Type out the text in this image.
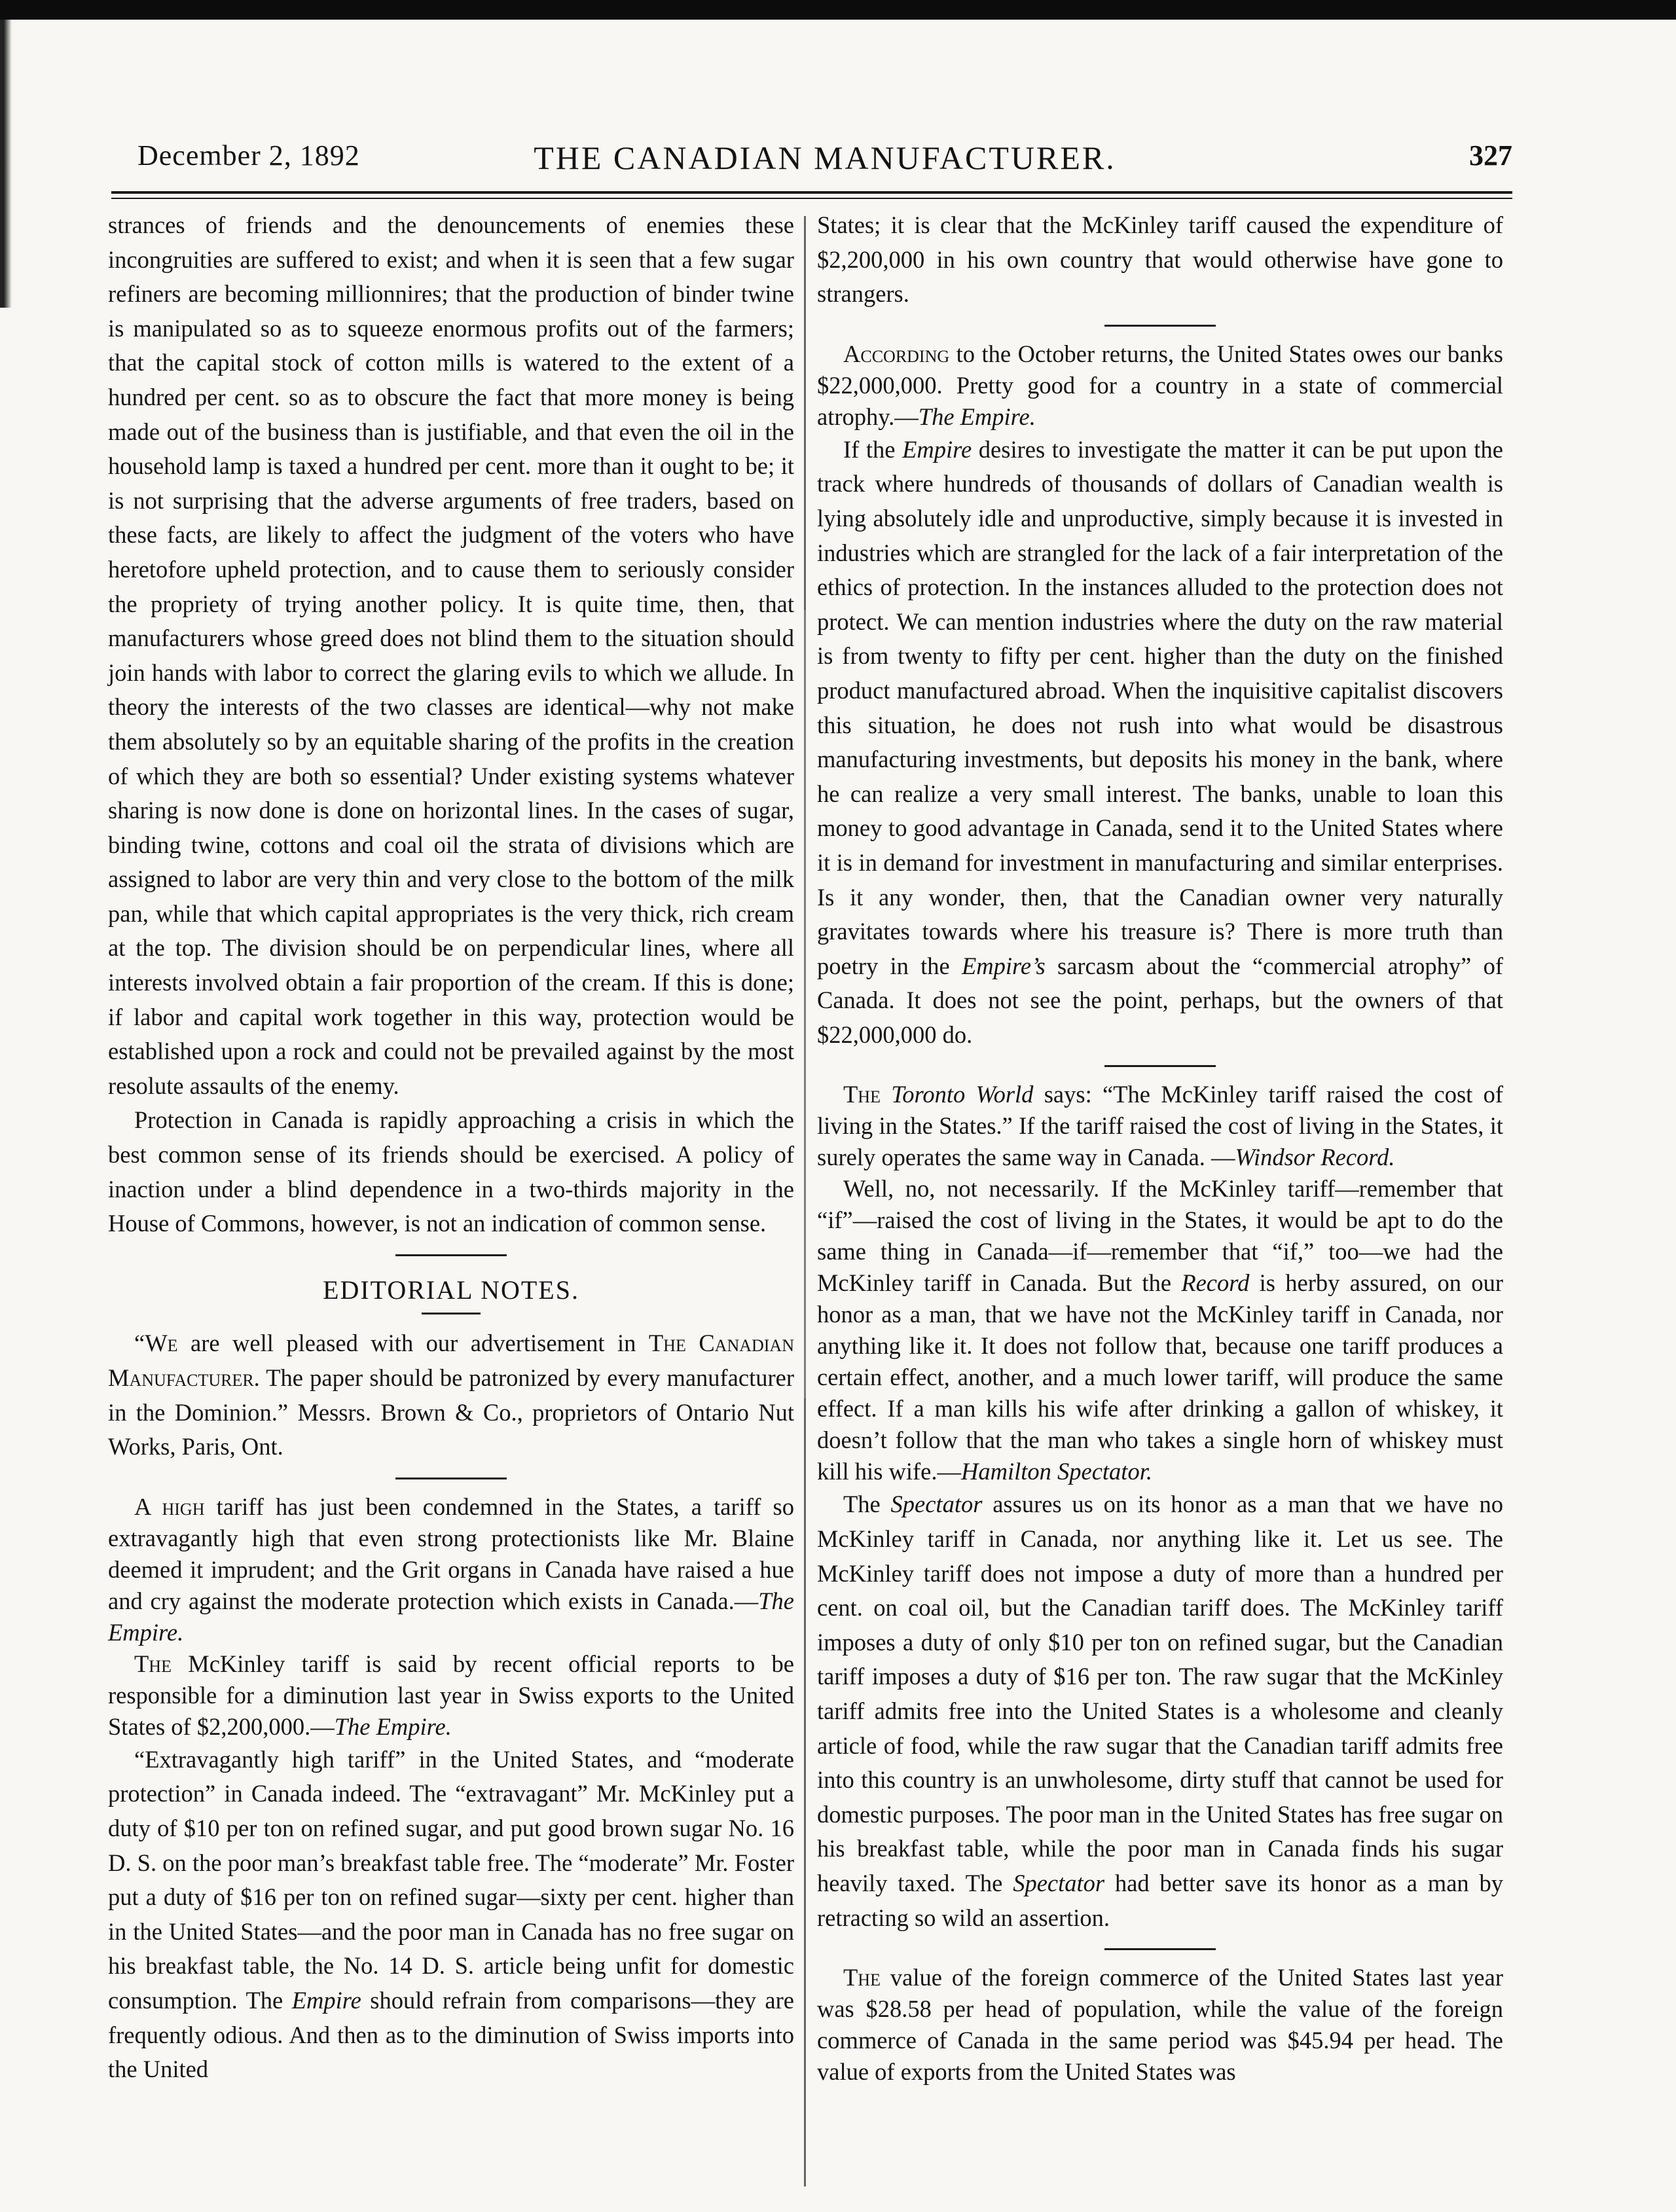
December 2, 1892	THE CANADIAN MANUFACTURER.	327

strances of friends and the denouncements of enemies these incongruities are suffered to exist; and when it is seen that a few sugar refiners are becoming millionnires; that the production of binder twine is manipulated so as to squeeze enormous profits out of the farmers; that the capital stock of cotton mills is watered to the extent of a hundred per cent. so as to obscure the fact that more money is being made out of the business than is justifiable, and that even the oil in the household lamp is taxed a hundred per cent. more than it ought to be; it is not surprising that the adverse arguments of free traders, based on these facts, are likely to affect the judgment of the voters who have heretofore upheld protection, and to cause them to seriously consider the propriety of trying another policy. It is quite time, then, that manufacturers whose greed does not blind them to the situation should join hands with labor to correct the glaring evils to which we allude. In theory the interests of the two classes are identical—why not make them absolutely so by an equitable sharing of the profits in the creation of which they are both so essential? Under existing systems whatever sharing is now done is done on horizontal lines. In the cases of sugar, binding twine, cottons and coal oil the strata of divisions which are assigned to labor are very thin and very close to the bottom of the milk pan, while that which capital appropriates is the very thick, rich cream at the top. The division should be on perpendicular lines, where all interests involved obtain a fair proportion of the cream. If this is done; if labor and capital work together in this way, protection would be established upon a rock and could not be prevailed against by the most resolute assaults of the enemy.

Protection in Canada is rapidly approaching a crisis in which the best common sense of its friends should be exercised. A policy of inaction under a blind dependence in a two-thirds majority in the House of Commons, however, is not an indication of common sense.

EDITORIAL NOTES.

“We are well pleased with our advertisement in The Canadian Manufacturer. The paper should be patronized by every manufacturer in the Dominion.” Messrs. Brown & Co., proprietors of Ontario Nut Works, Paris, Ont.

A high tariff has just been condemned in the States, a tariff so extravagantly high that even strong protectionists like Mr. Blaine deemed it imprudent; and the Grit organs in Canada have raised a hue and cry against the moderate protection which exists in Canada.—The Empire.

The McKinley tariff is said by recent official reports to be responsible for a diminution last year in Swiss exports to the United States of $2,200,000.—The Empire.

“Extravagantly high tariff” in the United States, and “moderate protection” in Canada indeed. The “extravagant” Mr. McKinley put a duty of $10 per ton on refined sugar, and put good brown sugar No. 16 D. S. on the poor man’s breakfast table free. The “moderate” Mr. Foster put a duty of $16 per ton on refined sugar—sixty per cent. higher than in the United States—and the poor man in Canada has no free sugar on his breakfast table, the No. 14 D. S. article being unfit for domestic consumption. The Empire should refrain from comparisons—they are frequently odious. And then as to the diminution of Swiss imports into the United

States; it is clear that the McKinley tariff caused the expenditure of $2,200,000 in his own country that would otherwise have gone to strangers.

According to the October returns, the United States owes our banks $22,000,000. Pretty good for a country in a state of commercial atrophy.—The Empire.

If the Empire desires to investigate the matter it can be put upon the track where hundreds of thousands of dollars of Canadian wealth is lying absolutely idle and unproductive, simply because it is invested in industries which are strangled for the lack of a fair interpretation of the ethics of protection. In the instances alluded to the protection does not protect. We can mention industries where the duty on the raw material is from twenty to fifty per cent. higher than the duty on the finished product manufactured abroad. When the inquisitive capitalist discovers this situation, he does not rush into what would be disastrous manufacturing investments, but deposits his money in the bank, where he can realize a very small interest. The banks, unable to loan this money to good advantage in Canada, send it to the United States where it is in demand for investment in manufacturing and similar enterprises. Is it any wonder, then, that the Canadian owner very naturally gravitates towards where his treasure is? There is more truth than poetry in the Empire’s sarcasm about the “commercial atrophy” of Canada. It does not see the point, perhaps, but the owners of that $22,000,000 do.

The Toronto World says: “The McKinley tariff raised the cost of living in the States.” If the tariff raised the cost of living in the States, it surely operates the same way in Canada. —Windsor Record.

Well, no, not necessarily. If the McKinley tariff—remember that “if”—raised the cost of living in the States, it would be apt to do the same thing in Canada—if—remember that “if,” too—we had the McKinley tariff in Canada. But the Record is herby assured, on our honor as a man, that we have not the McKinley tariff in Canada, nor anything like it. It does not follow that, because one tariff produces a certain effect, another, and a much lower tariff, will produce the same effect. If a man kills his wife after drinking a gallon of whiskey, it doesn’t follow that the man who takes a single horn of whiskey must kill his wife.—Hamilton Spectator.

The Spectator assures us on its honor as a man that we have no McKinley tariff in Canada, nor anything like it. Let us see. The McKinley tariff does not impose a duty of more than a hundred per cent. on coal oil, but the Canadian tariff does. The McKinley tariff imposes a duty of only $10 per ton on refined sugar, but the Canadian tariff imposes a duty of $16 per ton. The raw sugar that the McKinley tariff admits free into the United States is a wholesome and cleanly article of food, while the raw sugar that the Canadian tariff admits free into this country is an unwholesome, dirty stuff that cannot be used for domestic purposes. The poor man in the United States has free sugar on his breakfast table, while the poor man in Canada finds his sugar heavily taxed. The Spectator had better save its honor as a man by retracting so wild an assertion.

The value of the foreign commerce of the United States last year was $28.58 per head of population, while the value of the foreign commerce of Canada in the same period was $45.94 per head. The value of exports from the United States was
